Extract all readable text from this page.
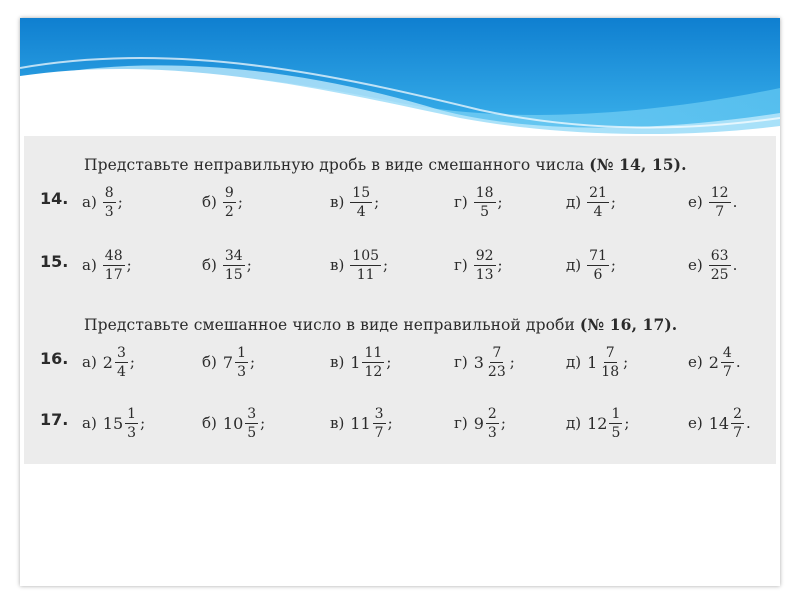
Представьте неправильную дробь в виде смешанного числа (№ 14, 15).
14. $а) \frac{8}{3}$ ;	$б) \frac{9}{2}$ ;	$в) \frac{15}{4}$ ;	$г) \frac{18}{5}$ ;	$д) \frac{21}{4}$ ;	$е) \frac{12}{7}$ .
15. $а) \frac{48}{17}$ ;	$б) \frac{34}{15}$ ;	$в) \frac{105}{11}$ ;	$г) \frac{92}{13}$ ;	$д) \frac{71}{6}$ ;	$е) \frac{63}{25}$ .
Представьте смешанное число в виде неправильной дроби (№ 16, 17).
16. а) $2 \frac{3}{4}$ ;	б) $7 \frac{1}{3}$ ;	в) $1 \frac{11}{12}$ ;	г) $3 \frac{7}{23}$ ;	д) $1 \frac{7}{18}$ ;	е) $2 \frac{4}{7}$ .
17. а) $15 \frac{1}{3}$ ;	б) $10 \frac{3}{5}$ ;	в) $11 \frac{3}{7}$ ;	г) $9 \frac{2}{3}$ ;	д) $12 \frac{1}{5}$ ;	е) $14 \frac{2}{7}$ .
